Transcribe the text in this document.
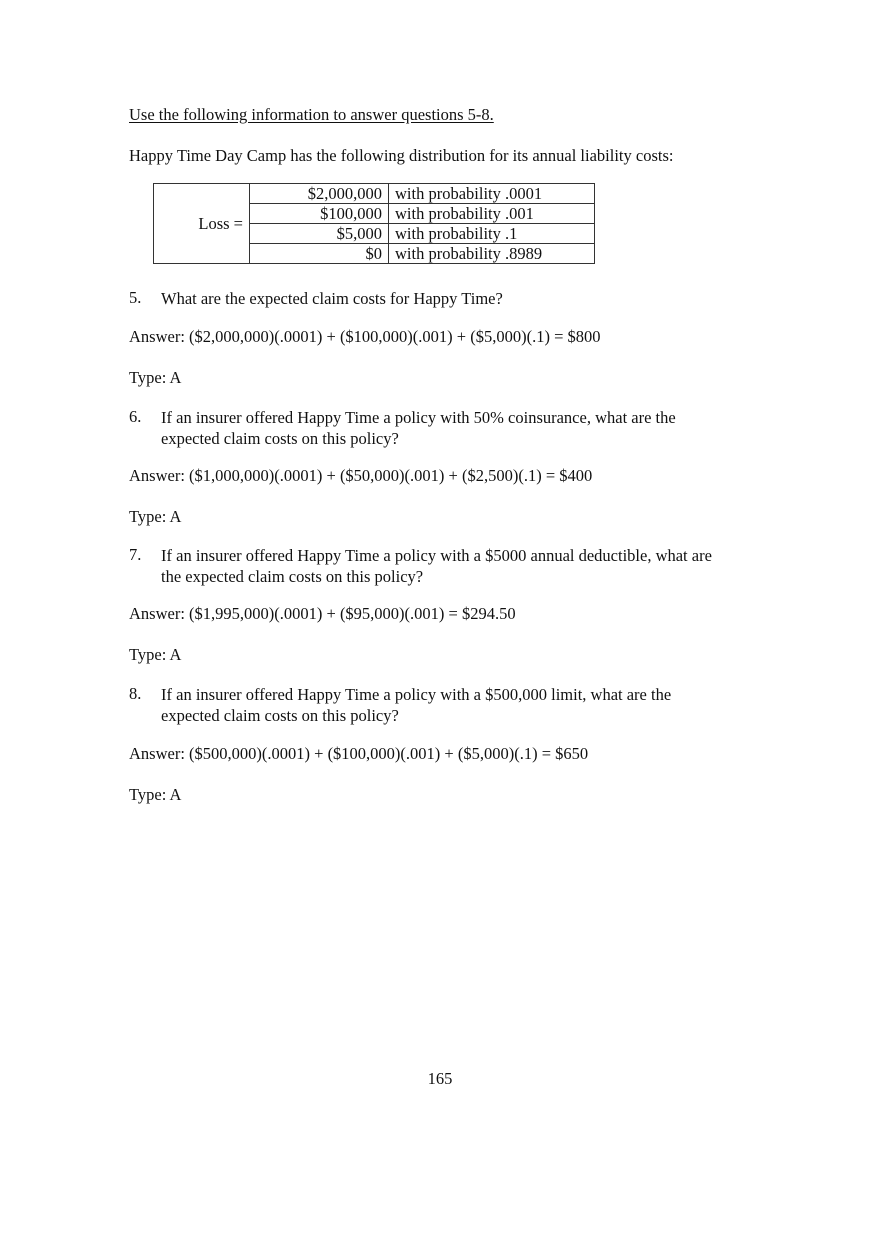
Use the following information to answer questions 5-8.
Happy Time Day Camp has the following distribution for its annual liability costs:
Loss =	$2,000,000	with probability .0001
	$100,000	with probability .001
	$5,000	with probability .1
	$0	with probability .8989
5. What are the expected claim costs for Happy Time?
Answer: ($2,000,000)(.0001) + ($100,000)(.001) + ($5,000)(.1) = $800
Type: A
6. If an insurer offered Happy Time a policy with 50% coinsurance, what are the
expected claim costs on this policy?
Answer: ($1,000,000)(.0001) + ($50,000)(.001) + ($2,500)(.1) = $400
Type: A
7. If an insurer offered Happy Time a policy with a $5000 annual deductible, what are
the expected claim costs on this policy?
Answer: ($1,995,000)(.0001) + ($95,000)(.001) = $294.50
Type: A
8. If an insurer offered Happy Time a policy with a $500,000 limit, what are the
expected claim costs on this policy?
Answer: ($500,000)(.0001) + ($100,000)(.001) + ($5,000)(.1) = $650
Type: A
165
